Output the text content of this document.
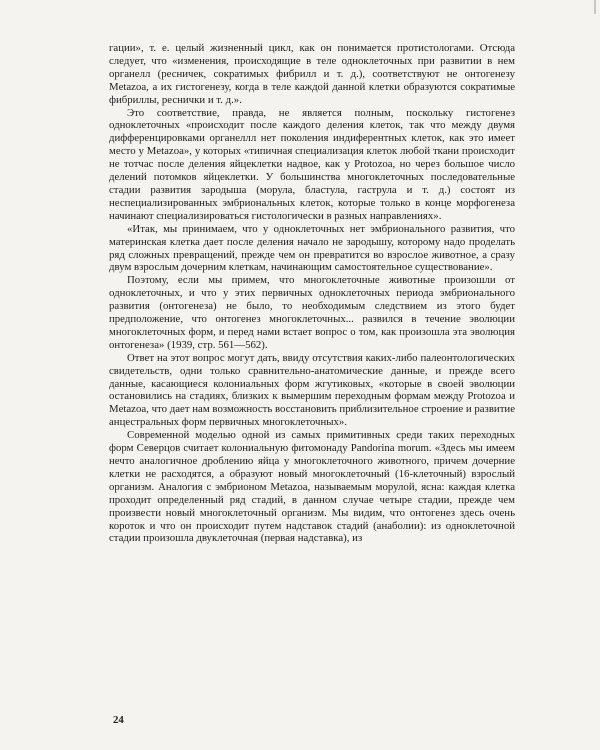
гации», т. е. целый жизненный цикл, как он понимается протистологами. Отсюда следует, что «изменения, происходящие в теле одноклеточных при развитии в нем органелл (ресничек, сократимых фибрилл и т. д.), соответствуют не онтогенезу Metazoa, а их гистогенезу, когда в теле каждой данной клетки образуются сократимые фибриллы, реснички и т. д.».

Это соответствие, правда, не является полным, поскольку гистогенез одноклеточных «происходит после каждого деления клеток, так что между двумя дифференцировками органеллл нет поколения индиферентных клеток, как это имеет место у Metazoa», у которых «типичная специализация клеток любой ткани происходит не тотчас после деления яйцеклетки надвое, как у Protozoa, но через большое число делений потомков яйцеклетки. У большинства многоклеточных последовательные стадии развития зародыша (морула, бластула, гаструла и т. д.) состоят из неспециализированных эмбриональных клеток, которые только в конце морфогенеза начинают специализироваться гистологически в разных направлениях».

«Итак, мы принимаем, что у одноклеточных нет эмбрионального развития, что материнская клетка дает после деления начало не зародышу, которому надо проделать ряд сложных превращений, прежде чем он превратится во взрослое животное, а сразу двум взрослым дочерним клеткам, начинающим самостоятельное существование».

Поэтому, если мы примем, что многоклеточные животные произошли от одноклеточных, и что у этих первичных одноклеточных периода эмбрионального развития (онтогенеза) не было, то необходимым следствием из этого будет предположение, что онтогенез многоклеточных... развился в течение эволюции многоклеточных форм, и перед нами встает вопрос о том, как произошла эта эволюция онтогенеза» (1939, стр. 561—562).

Ответ на этот вопрос могут дать, ввиду отсутствия каких-либо палеонтологических свидетельств, одни только сравнительно-анатомические данные, и прежде всего данные, касающиеся колониальных форм жгутиковых, «которые в своей эволюции остановились на стадиях, близких к вымершим переходным формам между Protozoa и Metazoa, что дает нам возможность восстановить приблизительное строение и развитие анцестральных форм первичных многоклеточных».

Современной моделью одной из самых примитивных среди таких переходных форм Северцов считает колониальную фитомонаду Pandorina morum. «Здесь мы имеем нечто аналогичное дроблению яйца у многоклеточного животного, причем дочерние клетки не расходятся, а образуют новый многоклеточный (16-клеточный) взрослый организм. Аналогия с эмбрионом Metazoa, называемым морулой, ясна: каждая клетка проходит определенный ряд стадий, в данном случае четыре стадии, прежде чем произвести новый многоклеточный организм. Мы видим, что онтогенез здесь очень короток и что он происходит путем надставок стадий (анаболии): из одноклеточной стадии произошла двуклеточная (первая надставка), из

24
